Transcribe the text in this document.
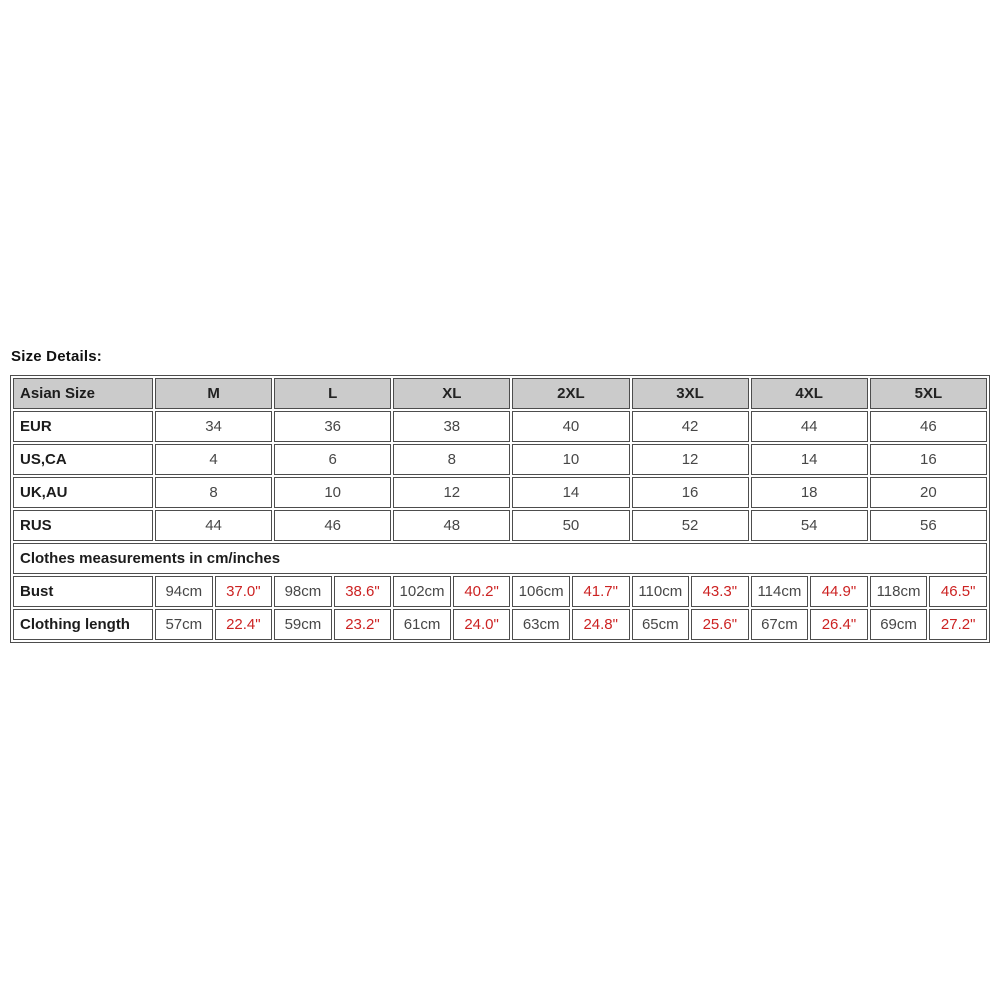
Size Details:
Asian Size	M		L		XL		2XL		3XL		4XL		5XL	
EUR	34		36		38		40		42		44		46	
US,CA	4		6		8		10		12		14		16	
UK,AU	8		10		12		14		16		18		20	
RUS	44		46		48		50		52		54		56	
Clothes measurements in cm/inches														
Bust	94cm	37.0"	98cm	38.6"	102cm	40.2"	106cm	41.7"	110cm	43.3"	114cm	44.9"	118cm	46.5"
Clothing length	57cm	22.4"	59cm	23.2"	61cm	24.0"	63cm	24.8"	65cm	25.6"	67cm	26.4"	69cm	27.2"
